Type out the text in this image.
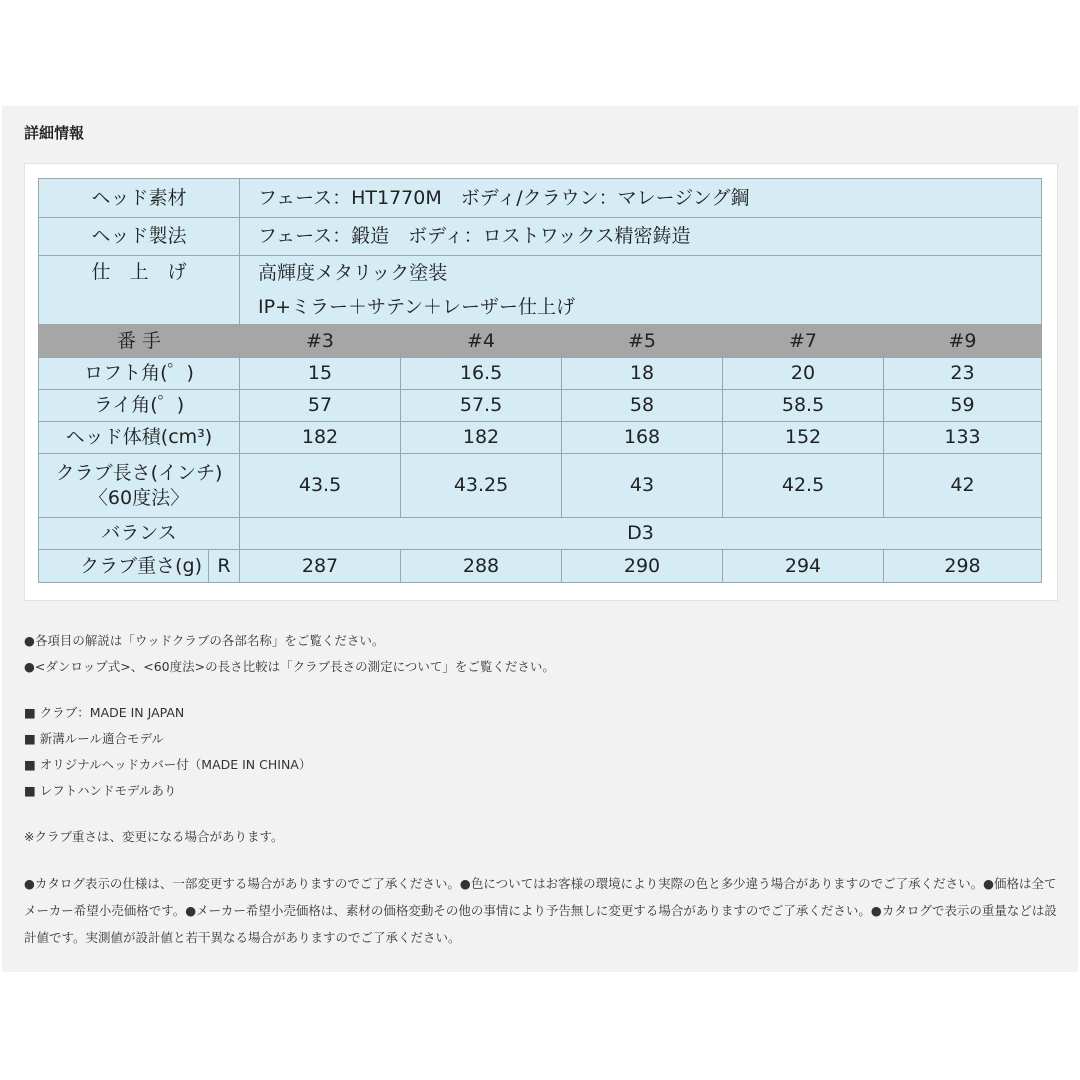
詳細情報
ヘッド素材		フェース：HT1770M　ボディ/クラウン：マレージング鋼				
ヘッド製法		フェース：鍛造　ボディ：ロストワックス精密鋳造				
仕　上　げ		高輝度メタリック塗装
IP+ミラー＋サテン＋レーザー仕上げ				

番 手		#3	#4	#5	#7	#9
ロフト角(゜)		15	16.5	18	20	23
ライ角(゜)		57	57.5	58	58.5	59
ヘッド体積(cm³)		182	182	168	152	133

クラブ長さ(インチ)
〈60度法〉		43.5	43.25	43	42.5	42
バランス		D3				
クラブ重さ(g)	R	287	288	290	294	298

●各項目の解説は「ウッドクラブの各部名称」をご覧ください。

●<ダンロップ式>、<60度法>の長さ比較は「クラブ長さの測定について」をご覧ください。

■ クラブ：MADE IN JAPAN

■ 新溝ルール適合モデル

■ オリジナルヘッドカバー付（MADE IN CHINA）

■ レフトハンドモデルあり

※クラブ重さは、変更になる場合があります。

●カタログ表示の仕様は、一部変更する場合がありますのでご了承ください。●色についてはお客様の環境により実際の色と多少違う場合がありますのでご了承ください。●価格は全てメーカー希望小売価格です。●メーカー希望小売価格は、素材の価格変動その他の事情により予告無しに変更する場合がありますのでご了承ください。●カタログで表示の重量などは設計値です。実測値が設計値と若干異なる場合がありますのでご了承ください。
